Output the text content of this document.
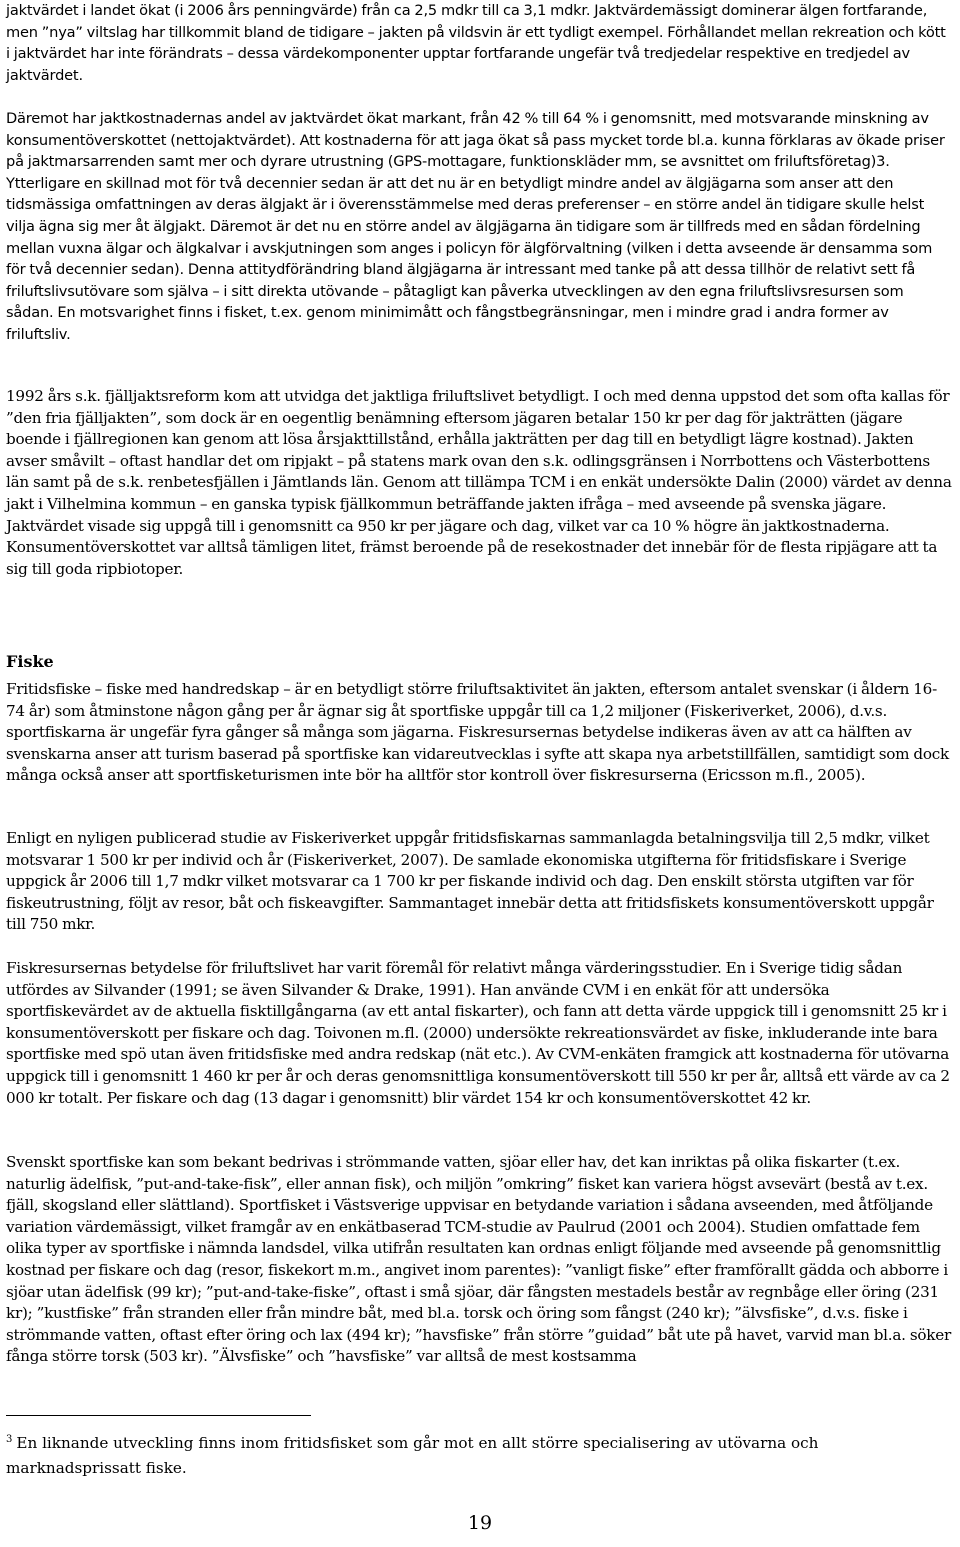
jaktvärdet i landet ökat (i 2006 års penningvärde) från ca 2,5 mdkr till ca 3,1 mdkr. Jaktvärdemässigt dominerar älgen fortfarande, men ”nya” viltslag har tillkommit bland de tidigare – jakten på vildsvin är ett tydligt exempel. Förhållandet mellan rekreation och kött i jaktvärdet har inte förändrats – dessa värdekomponenter upptar fortfarande ungefär två tredjedelar respektive en tredjedel av jaktvärdet.

Däremot har jaktkostnadernas andel av jaktvärdet ökat markant, från 42 % till 64 % i genomsnitt, med motsvarande minskning av konsumentöverskottet (nettojaktvärdet). Att kostnaderna för att jaga ökat så pass mycket torde bl.a. kunna förklaras av ökade priser på jaktmarsarrenden samt mer och dyrare utrustning (GPS-mottagare, funktionskläder mm, se avsnittet om friluftsföretag)3. Ytterligare en skillnad mot för två decennier sedan är att det nu är en betydligt mindre andel av älgjägarna som anser att den tidsmässiga omfattningen av deras älgjakt är i överensstämmelse med deras preferenser – en större andel än tidigare skulle helst vilja ägna sig mer åt älgjakt. Däremot är det nu en större andel av älgjägarna än tidigare som är tillfreds med en sådan fördelning mellan vuxna älgar och älgkalvar i avskjutningen som anges i policyn för älgförvaltning (vilken i detta avseende är densamma som för två decennier sedan). Denna attitydförändring bland älgjägarna är intressant med tanke på att dessa tillhör de relativt sett få friluftslivsutövare som själva – i sitt direkta utövande – påtagligt kan påverka utvecklingen av den egna friluftslivsresursen som sådan. En motsvarighet finns i fisket, t.ex. genom minimimått och fångstbegränsningar, men i mindre grad i andra former av friluftsliv.

1992 års s.k. fjälljaktsreform kom att utvidga det jaktliga friluftslivet betydligt. I och med denna uppstod det som ofta kallas för ”den fria fjälljakten”, som dock är en oegentlig benämning eftersom jägaren betalar 150 kr per dag för jakträtten (jägare boende i fjällregionen kan genom att lösa årsjakttillstånd, erhålla jakträtten per dag till en betydligt lägre kostnad). Jakten avser småvilt – oftast handlar det om ripjakt – på statens mark ovan den s.k. odlingsgränsen i Norrbottens och Västerbottens län samt på de s.k. renbetesfjällen i Jämtlands län. Genom att tillämpa TCM i en enkät undersökte Dalin (2000) värdet av denna jakt i Vilhelmina kommun – en ganska typisk fjällkommun beträffande jakten ifråga – med avseende på svenska jägare. Jaktvärdet visade sig uppgå till i genomsnitt ca 950 kr per jägare och dag, vilket var ca 10 % högre än jaktkostnaderna. Konsumentöverskottet var alltså tämligen litet, främst beroende på de resekostnader det innebär för de flesta ripjägare att ta sig till goda ripbiotoper.

Fiske

Fritidsfiske – fiske med handredskap – är en betydligt större friluftsaktivitet än jakten, eftersom antalet svenskar (i åldern 16-74 år) som åtminstone någon gång per år ägnar sig åt sportfiske uppgår till ca 1,2 miljoner (Fiskeriverket, 2006), d.v.s. sportfiskarna är ungefär fyra gånger så många som jägarna. Fiskresursernas betydelse indikeras även av att ca hälften av svenskarna anser att turism baserad på sportfiske kan vidareutvecklas i syfte att skapa nya arbetstillfällen, samtidigt som dock många också anser att sportfisketurismen inte bör ha alltför stor kontroll över fiskresurserna (Ericsson m.fl., 2005).

Enligt en nyligen publicerad studie av Fiskeriverket uppgår fritidsfiskarnas sammanlagda betalningsvilja till 2,5 mdkr, vilket motsvarar 1 500 kr per individ och år (Fiskeriverket, 2007). De samlade ekonomiska utgifterna för fritidsfiskare i Sverige uppgick år 2006 till 1,7 mdkr vilket motsvarar ca 1 700 kr per fiskande individ och dag. Den enskilt största utgiften var för fiskeutrustning, följt av resor, båt och fiskeavgifter. Sammantaget innebär detta att fritidsfiskets konsumentöverskott uppgår till 750 mkr.

Fiskresursernas betydelse för friluftslivet har varit föremål för relativt många värderingsstudier. En i Sverige tidig sådan utfördes av Silvander (1991; se även Silvander & Drake, 1991). Han använde CVM i en enkät för att undersöka sportfiskevärdet av de aktuella fisktillgångarna (av ett antal fiskarter), och fann att detta värde uppgick till i genomsnitt 25 kr i konsumentöverskott per fiskare och dag. Toivonen m.fl. (2000) undersökte rekreationsvärdet av fiske, inkluderande inte bara sportfiske med spö utan även fritidsfiske med andra redskap (nät etc.). Av CVM-enkäten framgick att kostnaderna för utövarna uppgick till i genomsnitt 1 460 kr per år och deras genomsnittliga konsumentöverskott till 550 kr per år, alltså ett värde av ca 2 000 kr totalt. Per fiskare och dag (13 dagar i genomsnitt) blir värdet 154 kr och konsumentöverskottet 42 kr.

Svenskt sportfiske kan som bekant bedrivas i strömmande vatten, sjöar eller hav, det kan inriktas på olika fiskarter (t.ex. naturlig ädelfisk, ”put-and-take-fisk”, eller annan fisk), och miljön ”omkring” fisket kan variera högst avsevärt (bestå av t.ex. fjäll, skogsland eller slättland). Sportfisket i Västsverige uppvisar en betydande variation i sådana avseenden, med åtföljande variation värdemässigt, vilket framgår av en enkätbaserad TCM-studie av Paulrud (2001 och 2004). Studien omfattade fem olika typer av sportfiske i nämnda landsdel, vilka utifrån resultaten kan ordnas enligt följande med avseende på genomsnittlig kostnad per fiskare och dag (resor, fiskekort m.m., angivet inom parentes): ”vanligt fiske” efter framförallt gädda och abborre i sjöar utan ädelfisk (99 kr); ”put-and-take-fiske”, oftast i små sjöar, där fångsten mestadels består av regnbåge eller öring (231 kr); ”kustfiske” från stranden eller från mindre båt, med bl.a. torsk och öring som fångst (240 kr); ”älvsfiske”, d.v.s. fiske i strömmande vatten, oftast efter öring och lax (494 kr); ”havsfiske” från större ”guidad” båt ute på havet, varvid man bl.a. söker fånga större torsk (503 kr). ”Älvsfiske” och ”havsfiske” var alltså de mest kostsamma

$^3$ En liknande utveckling finns inom fritidsfisket som går mot en allt större specialisering av utövarna och marknadsprissatt fiske.

19
